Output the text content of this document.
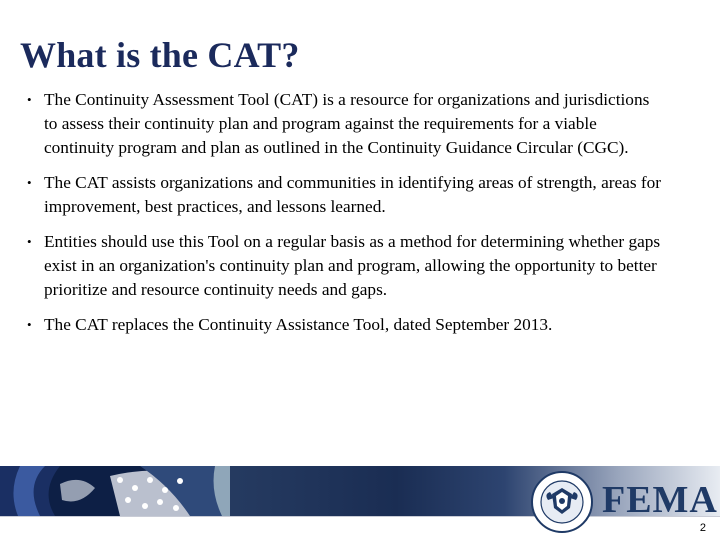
What is the CAT?
• The Continuity Assessment Tool (CAT) is a resource for organizations and jurisdictions to assess their continuity plan and program against the requirements for a viable continuity program and plan as outlined in the Continuity Guidance Circular (CGC).
• The CAT assists organizations and communities in identifying areas of strength, areas for improvement, best practices, and lessons learned.
• Entities should use this Tool on a regular basis as a method for determining whether gaps exist in an organization's continuity plan and program, allowing the opportunity to better prioritize and resource continuity needs and gaps.
• The CAT replaces the Continuity Assistance Tool, dated September 2013.
FEMA
2
